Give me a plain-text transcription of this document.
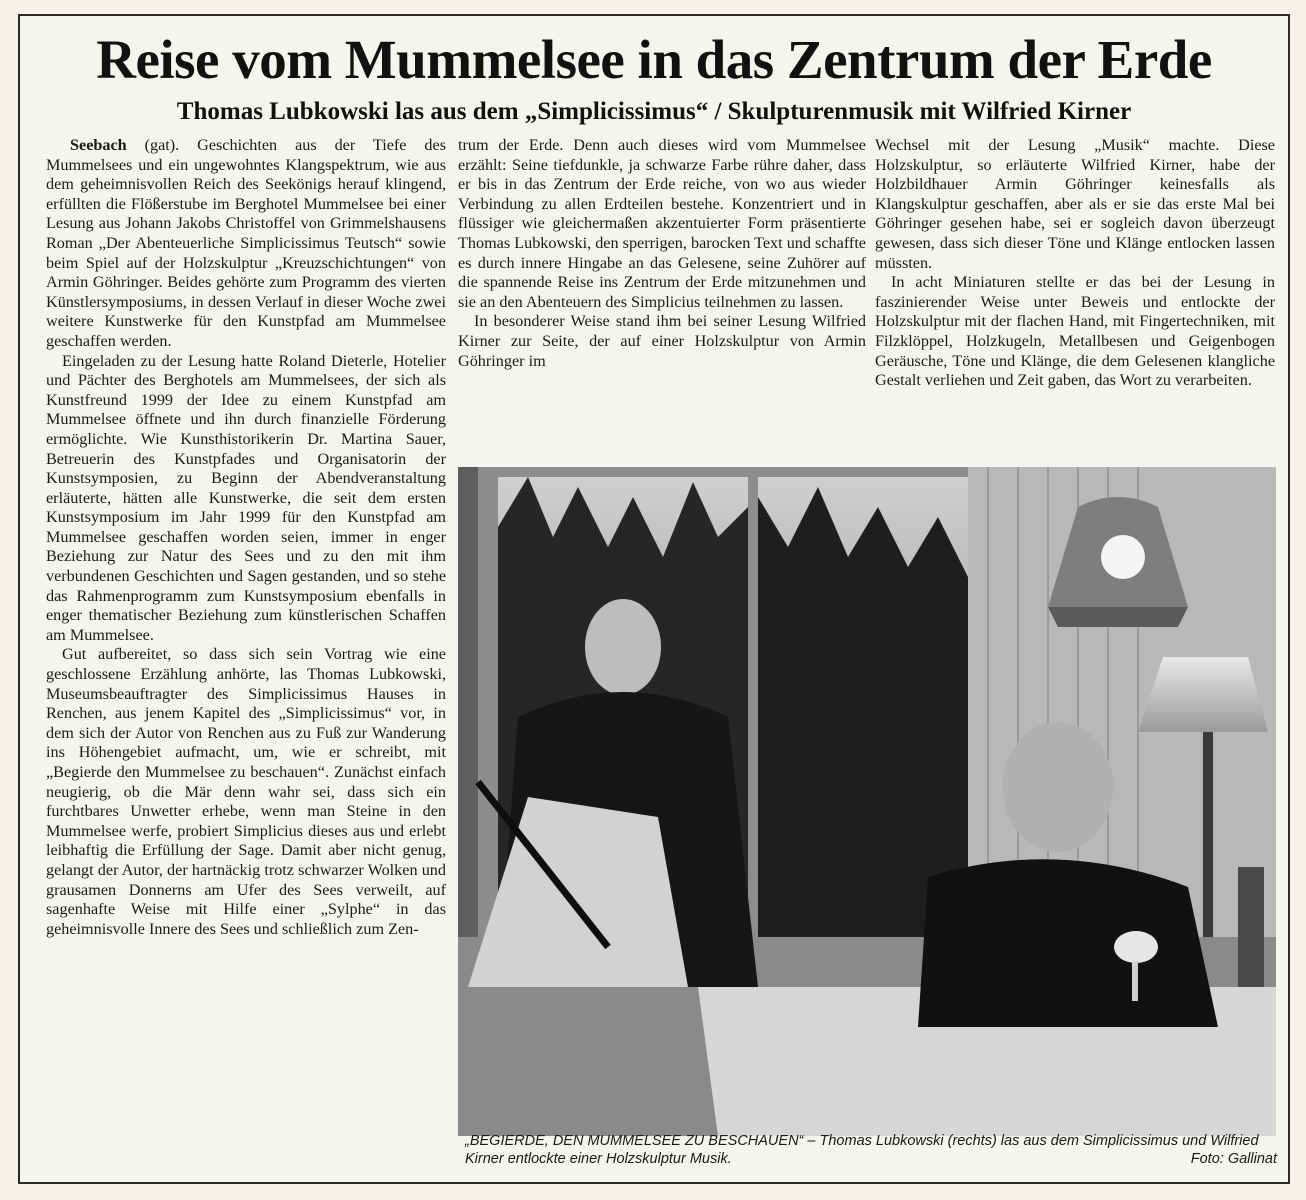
Reise vom Mummelsee in das Zentrum der Erde
Thomas Lubkowski las aus dem „Simplicissimus“ / Skulpturenmusik mit Wilfried Kirner

Seebach (gat). Geschichten aus der Tiefe des Mummelsees und ein ungewohntes Klangspektrum, wie aus dem geheimnisvollen Reich des Seekönigs herauf klingend, erfüllten die Flößerstube im Berghotel Mummelsee bei einer Lesung aus Johann Jakobs Christoffel von Grimmelshausens Roman „Der Abenteuerliche Simplicissimus Teutsch“ sowie beim Spiel auf der Holzskulptur „Kreuzschichtungen“ von Armin Göhringer. Beides gehörte zum Programm des vierten Künstlersymposiums, in dessen Verlauf in dieser Woche zwei weitere Kunstwerke für den Kunstpfad am Mummelsee geschaffen werden.

Eingeladen zu der Lesung hatte Roland Dieterle, Hotelier und Pächter des Berghotels am Mummelsees, der sich als Kunstfreund 1999 der Idee zu einem Kunstpfad am Mummelsee öffnete und ihn durch finanzielle Förderung ermöglichte. Wie Kunsthistorikerin Dr. Martina Sauer, Betreuerin des Kunstpfades und Organisatorin der Kunstsymposien, zu Beginn der Abendveranstaltung erläuterte, hätten alle Kunstwerke, die seit dem ersten Kunstsymposium im Jahr 1999 für den Kunstpfad am Mummelsee geschaffen worden seien, immer in enger Beziehung zur Natur des Sees und zu den mit ihm verbundenen Geschichten und Sagen gestanden, und so stehe das Rahmenprogramm zum Kunstsymposium ebenfalls in enger thematischer Beziehung zum künstlerischen Schaffen am Mummelsee.

Gut aufbereitet, so dass sich sein Vortrag wie eine geschlossene Erzählung anhörte, las Thomas Lubkowski, Museumsbeauftragter des Simplicissimus Hauses in Renchen, aus jenem Kapitel des „Simplicissimus“ vor, in dem sich der Autor von Renchen aus zu Fuß zur Wanderung ins Höhengebiet aufmacht, um, wie er schreibt, mit „Begierde den Mummelsee zu beschauen“. Zunächst einfach neugierig, ob die Mär denn wahr sei, dass sich ein furchtbares Unwetter erhebe, wenn man Steine in den Mummelsee werfe, probiert Simplicius dieses aus und erlebt leibhaftig die Erfüllung der Sage. Damit aber nicht genug, gelangt der Autor, der hartnäckig trotz schwarzer Wolken und grausamen Donnerns am Ufer des Sees verweilt, auf sagenhafte Weise mit Hilfe einer „Sylphe“ in das geheimnisvolle Innere des Sees und schließlich zum Zen-

trum der Erde. Denn auch dieses wird vom Mummelsee erzählt: Seine tiefdunkle, ja schwarze Farbe rühre daher, dass er bis in das Zentrum der Erde reiche, von wo aus wieder Verbindung zu allen Erdteilen bestehe. Konzentriert und in flüssiger wie gleichermaßen akzentuierter Form präsentierte Thomas Lubkowski, den sperrigen, barocken Text und schaffte es durch innere Hingabe an das Gelesene, seine Zuhörer auf die spannende Reise ins Zentrum der Erde mitzunehmen und sie an den Abenteuern des Simplicius teilnehmen zu lassen.

In besonderer Weise stand ihm bei seiner Lesung Wilfried Kirner zur Seite, der auf einer Holzskulptur von Armin Göhringer im

Wechsel mit der Lesung „Musik“ machte. Diese Holzskulptur, so erläuterte Wilfried Kirner, habe der Holzbildhauer Armin Göhringer keinesfalls als Klangskulptur geschaffen, aber als er sie das erste Mal bei Göhringer gesehen habe, sei er sogleich davon überzeugt gewesen, dass sich dieser Töne und Klänge entlocken lassen müssten.

In acht Miniaturen stellte er das bei der Lesung in faszinierender Weise unter Beweis und entlockte der Holzskulptur mit der flachen Hand, mit Fingertechniken, mit Filzklöppel, Holzkugeln, Metallbesen und Geigenbogen Geräusche, Töne und Klänge, die dem Gelesenen klangliche Gestalt verliehen und Zeit gaben, das Wort zu verarbeiten.

„BEGIERDE, DEN MUMMELSEE ZU BESCHAUEN“ – Thomas Lubkowski (rechts) las aus dem Simplicissimus und Wilfried Kirner entlockte einer Holzskulptur Musik.	Foto: Gallinat
